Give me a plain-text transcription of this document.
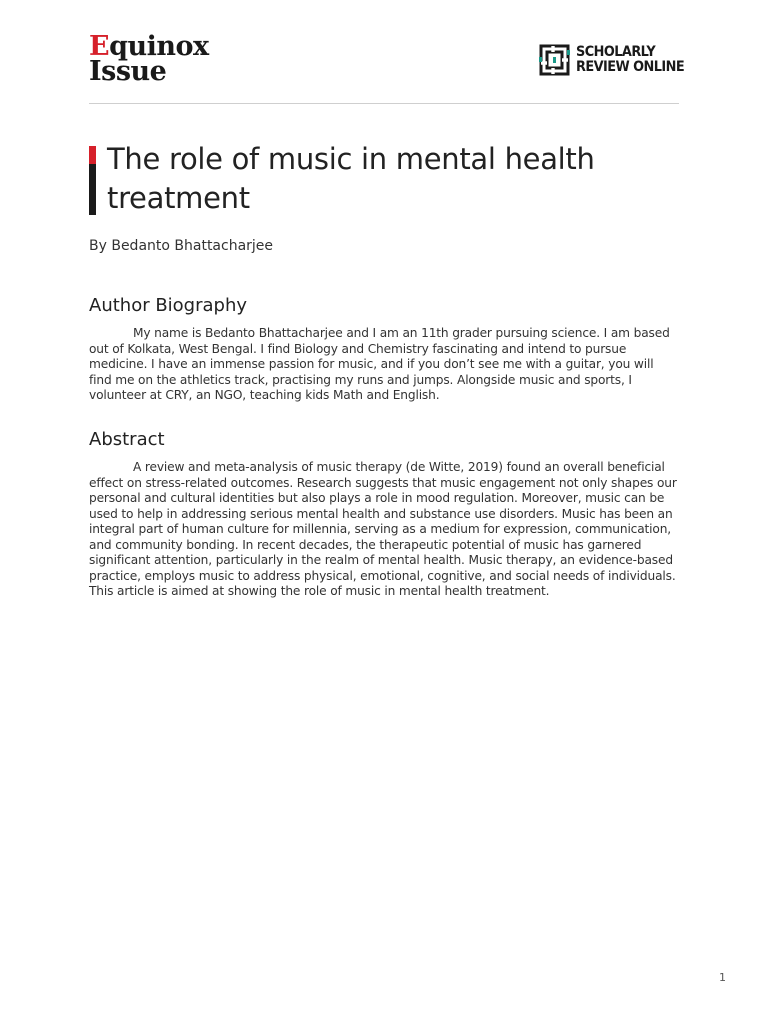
Equinox
Issue
SCHOLARLY
REVIEW ONLINE
The role of music in mental health treatment
By Bedanto Bhattacharjee
Author Biography

My name is Bedanto Bhattacharjee and I am an 11th grader pursuing science. I am based out of Kolkata, West Bengal. I find Biology and Chemistry fascinating and intend to pursue medicine. I have an immense passion for music, and if you don’t see me with a guitar, you will find me on the athletics track, practising my runs and jumps. Alongside music and sports, I volunteer at CRY, an NGO, teaching kids Math and English.

Abstract

A review and meta-analysis of music therapy (de Witte, 2019) found an overall beneficial effect on stress-related outcomes. Research suggests that music engagement not only shapes our personal and cultural identities but also plays a role in mood regulation. Moreover, music can be used to help in addressing serious mental health and substance use disorders. Music has been an integral part of human culture for millennia, serving as a medium for expression, communication, and community bonding. In recent decades, the therapeutic potential of music has garnered significant attention, particularly in the realm of mental health. Music therapy, an evidence-based practice, employs music to address physical, emotional, cognitive, and social needs of individuals. This article is aimed at showing the role of music in mental health treatment.

1
